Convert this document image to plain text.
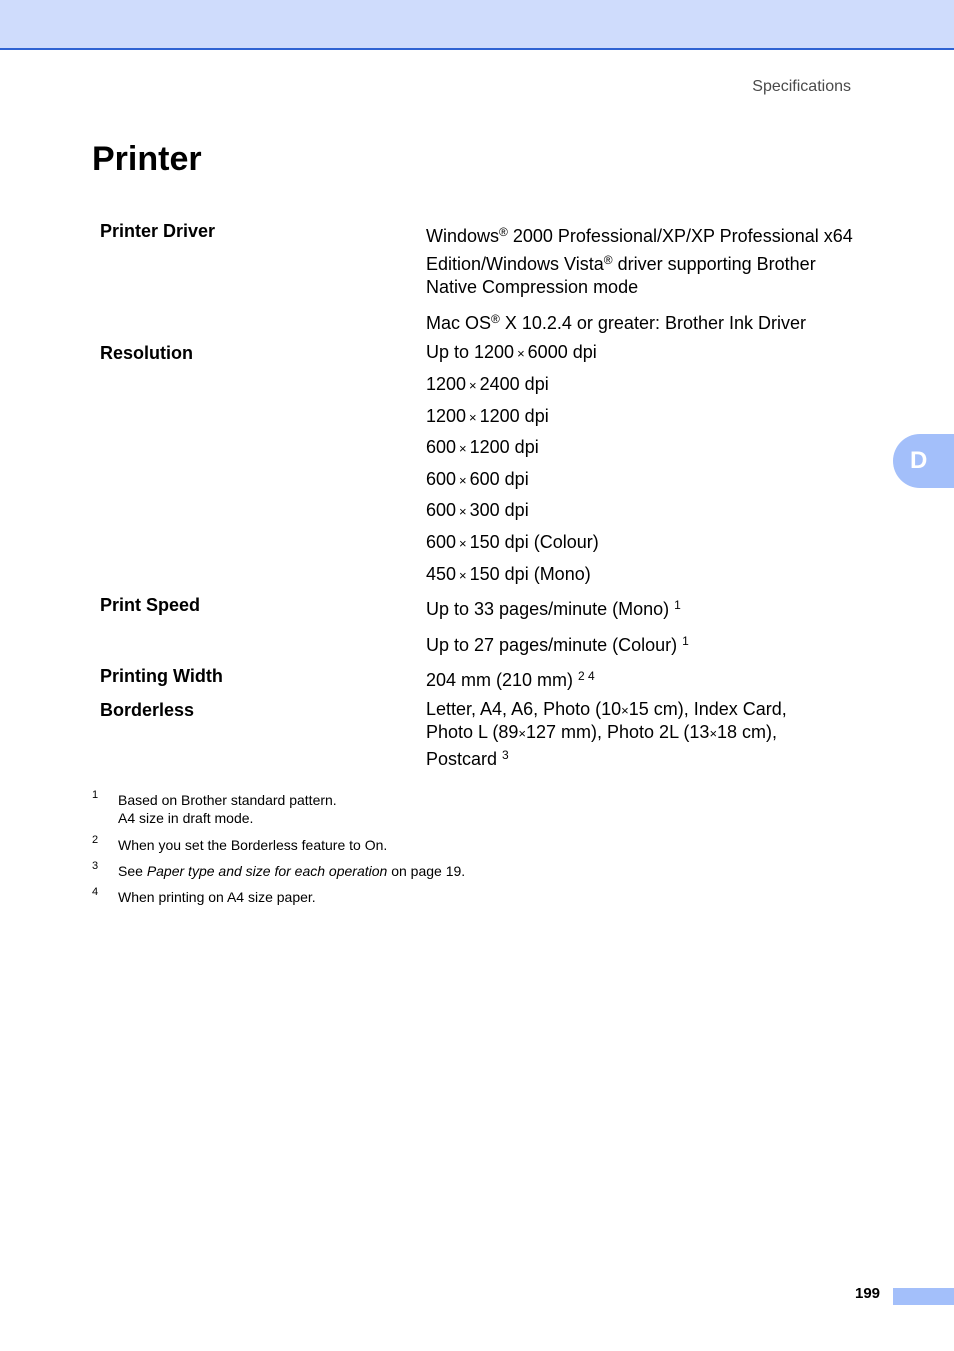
Specifications
Printer
D
Printer Driver	Windows® 2000 Professional/XP/XP Professional x64
Edition/Windows Vista® driver supporting Brother
Native Compression mode
Mac OS® X 10.2.4 or greater: Brother Ink Driver
Resolution	Up to 1200 × 6000 dpi
1200 × 2400 dpi
1200 × 1200 dpi
600 × 1200 dpi
600 × 600 dpi
600 × 300 dpi
600 × 150 dpi (Colour)
450 × 150 dpi (Mono)
Print Speed	Up to 33 pages/minute (Mono) $^1$
Up to 27 pages/minute (Colour) $^1$
Printing Width	204 mm (210 mm) $^{2 4}$
Borderless	Letter, A4, A6, Photo (10×15 cm), Index Card,
Photo L (89×127 mm), Photo 2L (13×18 cm),
Postcard $^3$
1 Based on Brother standard pattern.
A4 size in draft mode.
2 When you set the Borderless feature to On.
3 See Paper type and size for each operation on page 19.
4 When printing on A4 size paper.
199
